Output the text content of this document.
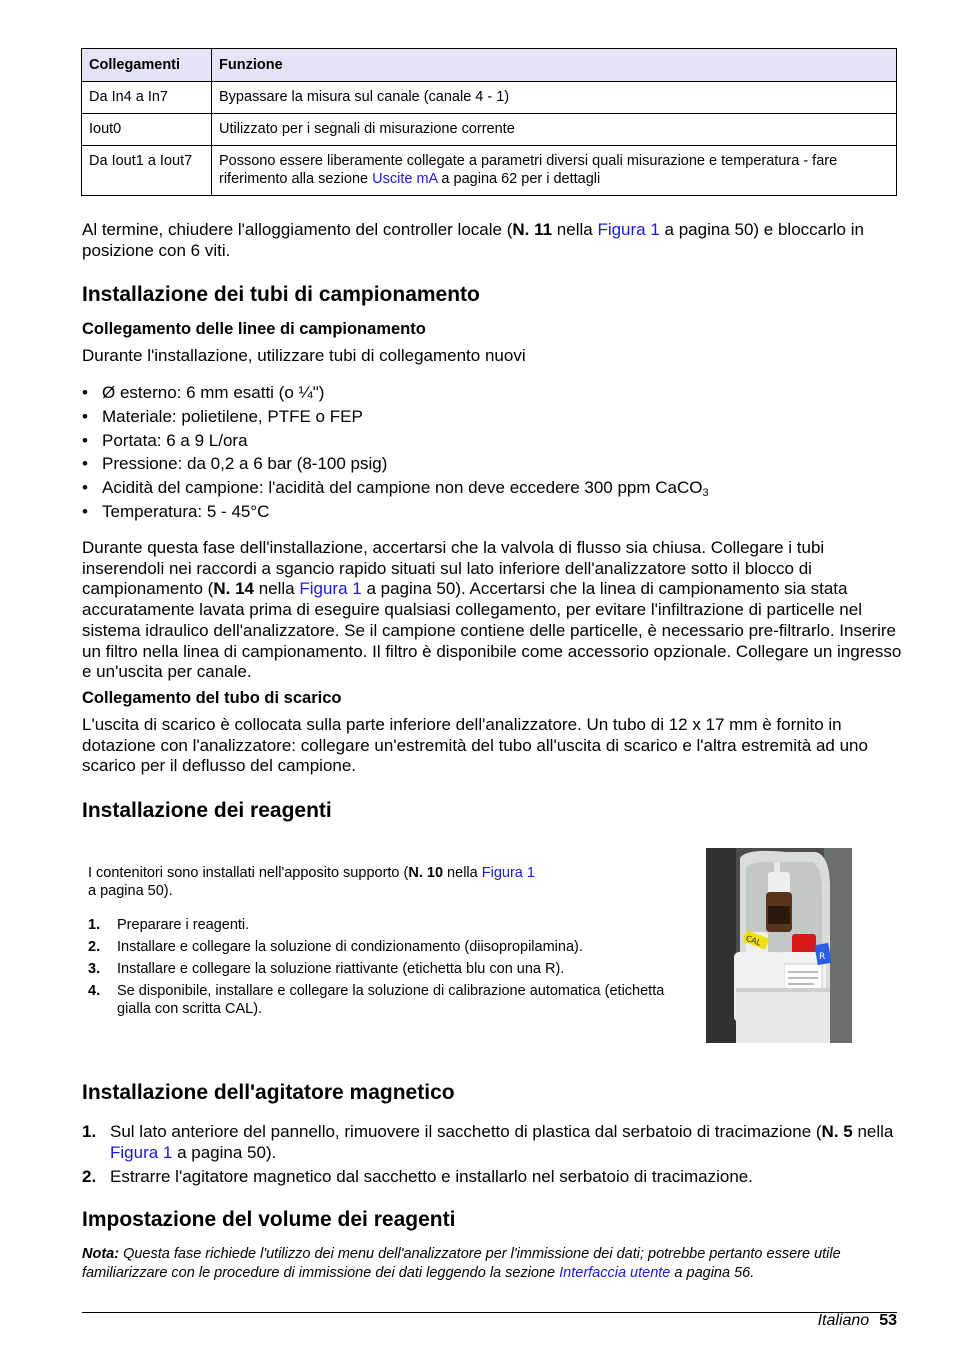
Collegamenti	Funzione
Da In4 a In7	Bypassare la misura sul canale (canale 4 - 1)
Iout0	Utilizzato per i segnali di misurazione corrente
Da Iout1 a Iout7	Possono essere liberamente collegate a parametri diversi quali misurazione e temperatura - fare riferimento alla sezione Uscite mA a pagina 62 per i dettagli
Al termine, chiudere l'alloggiamento del controller locale (N. 11 nella Figura 1 a pagina 50) e bloccarlo in posizione con 6 viti.
Installazione dei tubi di campionamento
Collegamento delle linee di campionamento
Durante l'installazione, utilizzare tubi di collegamento nuovi
• Ø esterno: 6 mm esatti (o ¼")
• Materiale: polietilene, PTFE o FEP
• Portata: 6 a 9 L/ora
• Pressione: da 0,2 a 6 bar (8-100 psig)
• Acidità del campione: l'acidità del campione non deve eccedere 300 ppm CaCO$_3$
• Temperatura: 5 - 45°C
Durante questa fase dell'installazione, accertarsi che la valvola di flusso sia chiusa. Collegare i tubi inserendoli nei raccordi a sgancio rapido situati sul lato inferiore dell'analizzatore sotto il blocco di campionamento (N. 14 nella Figura 1 a pagina 50). Accertarsi che la linea di campionamento sia stata accuratamente lavata prima di eseguire qualsiasi collegamento, per evitare l'infiltrazione di particelle nel sistema idraulico dell'analizzatore. Se il campione contiene delle particelle, è necessario pre-filtrarlo. Inserire un filtro nella linea di campionamento. Il filtro è disponibile come accessorio opzionale. Collegare un ingresso e un'uscita per canale.
Collegamento del tubo di scarico
L'uscita di scarico è collocata sulla parte inferiore dell'analizzatore. Un tubo di 12 x 17 mm è fornito in dotazione con l'analizzatore: collegare un'estremità del tubo all'uscita di scarico e l'altra estremità ad uno scarico per il deflusso del campione.
Installazione dei reagenti
I contenitori sono installati nell'apposito supporto (N. 10 nella Figura 1
a pagina 50).
1. Preparare i reagenti.
2. Installare e collegare la soluzione di condizionamento (diisopropilamina).
3. Installare e collegare la soluzione riattivante (etichetta blu con una R).
4. Se disponibile, installare e collegare la soluzione di calibrazione automatica (etichetta gialla con scritta CAL).
R
CAL
Installazione dell'agitatore magnetico
1. Sul lato anteriore del pannello, rimuovere il sacchetto di plastica dal serbatoio di tracimazione (N. 5 nella Figura 1 a pagina 50).
2. Estrarre l'agitatore magnetico dal sacchetto e installarlo nel serbatoio di tracimazione.
Impostazione del volume dei reagenti
Nota: Questa fase richiede l'utilizzo dei menu dell'analizzatore per l'immissione dei dati; potrebbe pertanto essere utile familiarizzare con le procedure di immissione dei dati leggendo la sezione Interfaccia utente a pagina 56.
Italiano 53
